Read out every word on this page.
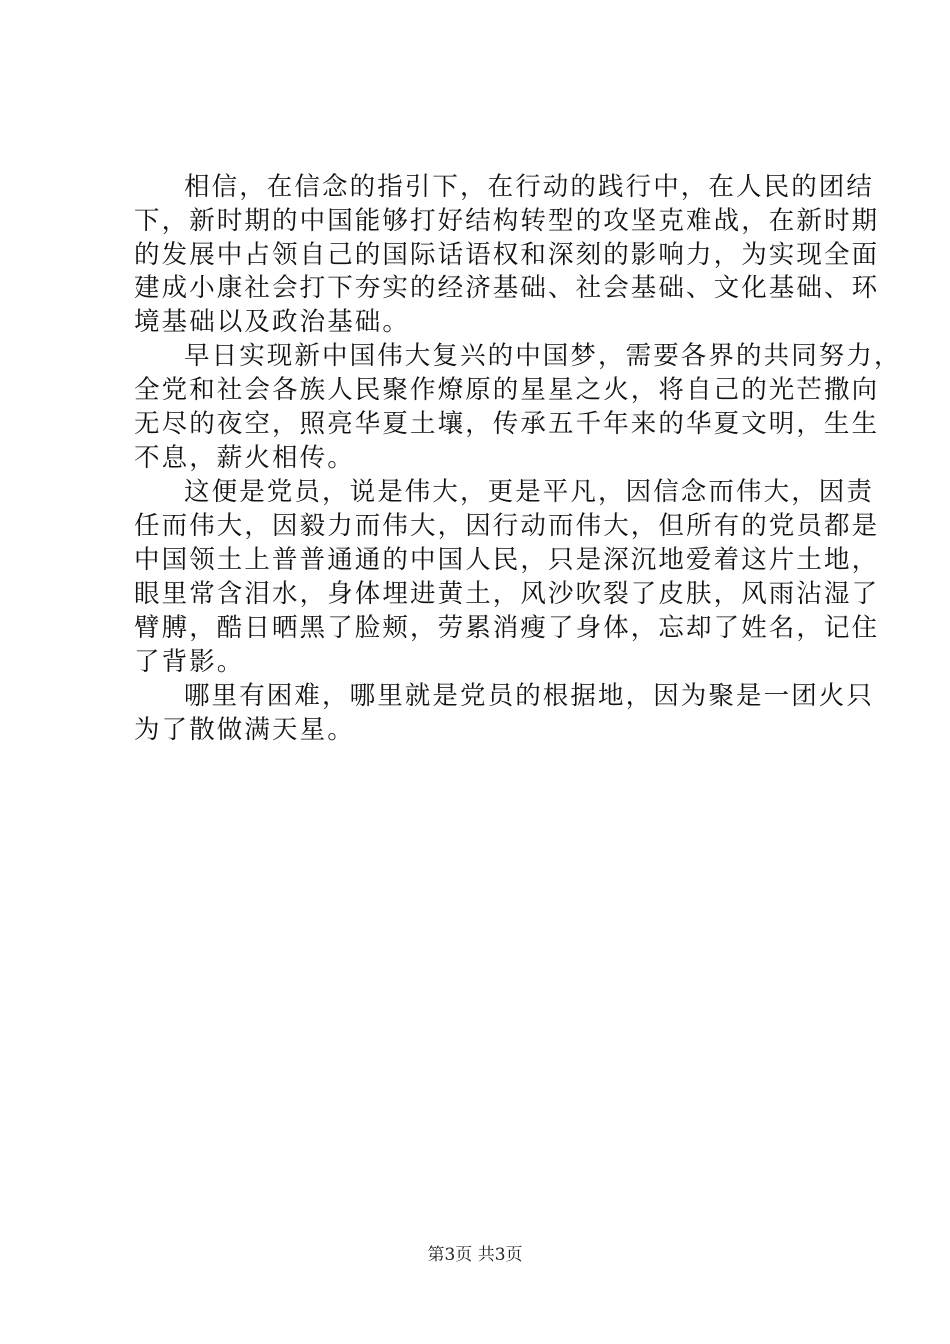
相信，在信念的指引下，在行动的践行中，在人民的团结

下，新时期的中国能够打好结构转型的攻坚克难战，在新时期

的发展中占领自己的国际话语权和深刻的影响力，为实现全面

建成小康社会打下夯实的经济基础、社会基础、文化基础、环

境基础以及政治基础。

早日实现新中国伟大复兴的中国梦，需要各界的共同努力，

全党和社会各族人民聚作燎原的星星之火，将自己的光芒撒向

无尽的夜空，照亮华夏土壤，传承五千年来的华夏文明，生生

不息，薪火相传。

这便是党员，说是伟大，更是平凡，因信念而伟大，因责

任而伟大，因毅力而伟大，因行动而伟大，但所有的党员都是

中国领土上普普通通的中国人民，只是深沉地爱着这片土地，

眼里常含泪水，身体埋进黄土，风沙吹裂了皮肤，风雨沾湿了

臂膊，酷日晒黑了脸颊，劳累消瘦了身体，忘却了姓名，记住

了背影。

哪里有困难，哪里就是党员的根据地，因为聚是一团火只

为了散做满天星。

第3页 共3页
